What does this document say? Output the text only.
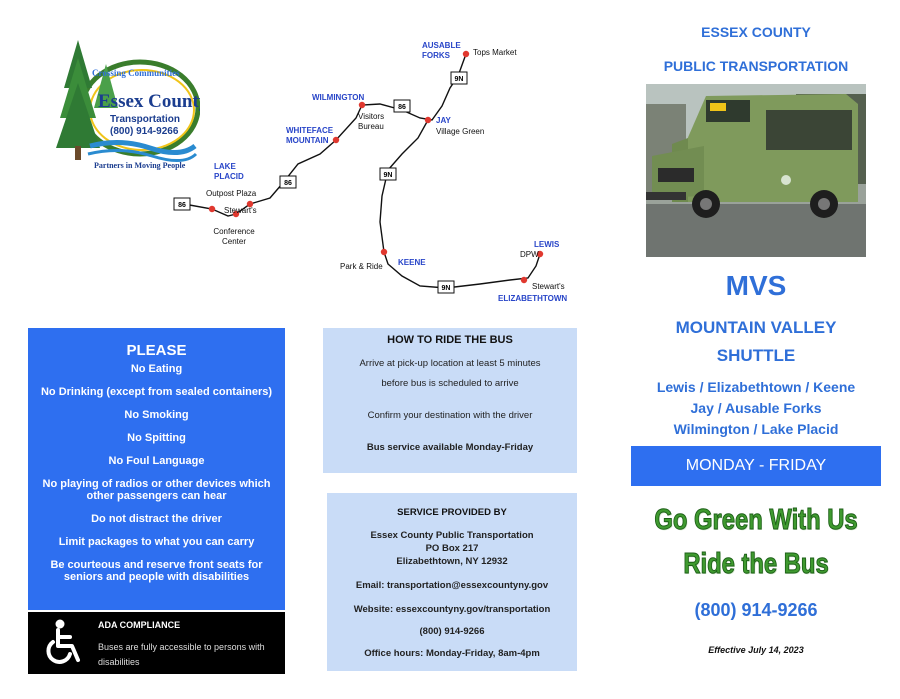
Crossing Communities
Essex County
Transportation
(800) 914-9266
Partners in Moving People
9N
86
86
86
9N
9N
AUSABLE FORKS	Tops Market
WILMINGTON
Visitors Bureau
JAY
Village Green
WHITEFACE MOUNTAIN
LAKE PLACID
Outpost Plaza
Stewart's
Conference Center
Park & Ride KEENE
LEWIS
DPW
Stewart's
ELIZABETHTOWN
PLEASE
No Eating
No Drinking (except from sealed containers)
No Smoking
No Spitting
No Foul Language
No playing of radios or other devices which other passengers can hear
Do not distract the driver
Limit packages to what you can carry
Be courteous and reserve front seats for seniors and people with disabilities
ADA COMPLIANCE
Buses are fully accessible to persons with disabilities
HOW TO RIDE THE BUS

Arrive at pick-up location at least 5 minutes

before bus is scheduled to arrive

Confirm your destination with the driver

Bus service available Monday-Friday

SERVICE PROVIDED BY

Essex County Public Transportation

PO Box 217

Elizabethtown, NY 12932

Email: transportation@essexcountyny.gov

Website: essexcountyny.gov/transportation

(800) 914-9266

Office hours: Monday-Friday, 8am-4pm

ESSEX COUNTY
PUBLIC TRANSPORTATION
MVS
MOUNTAIN VALLEY
SHUTTLE
Lewis / Elizabethtown / Keene
Jay / Ausable Forks
Wilmington / Lake Placid
MONDAY - FRIDAY
Go Green With Us
Ride the Bus
(800) 914-9266
Effective July 14, 2023
